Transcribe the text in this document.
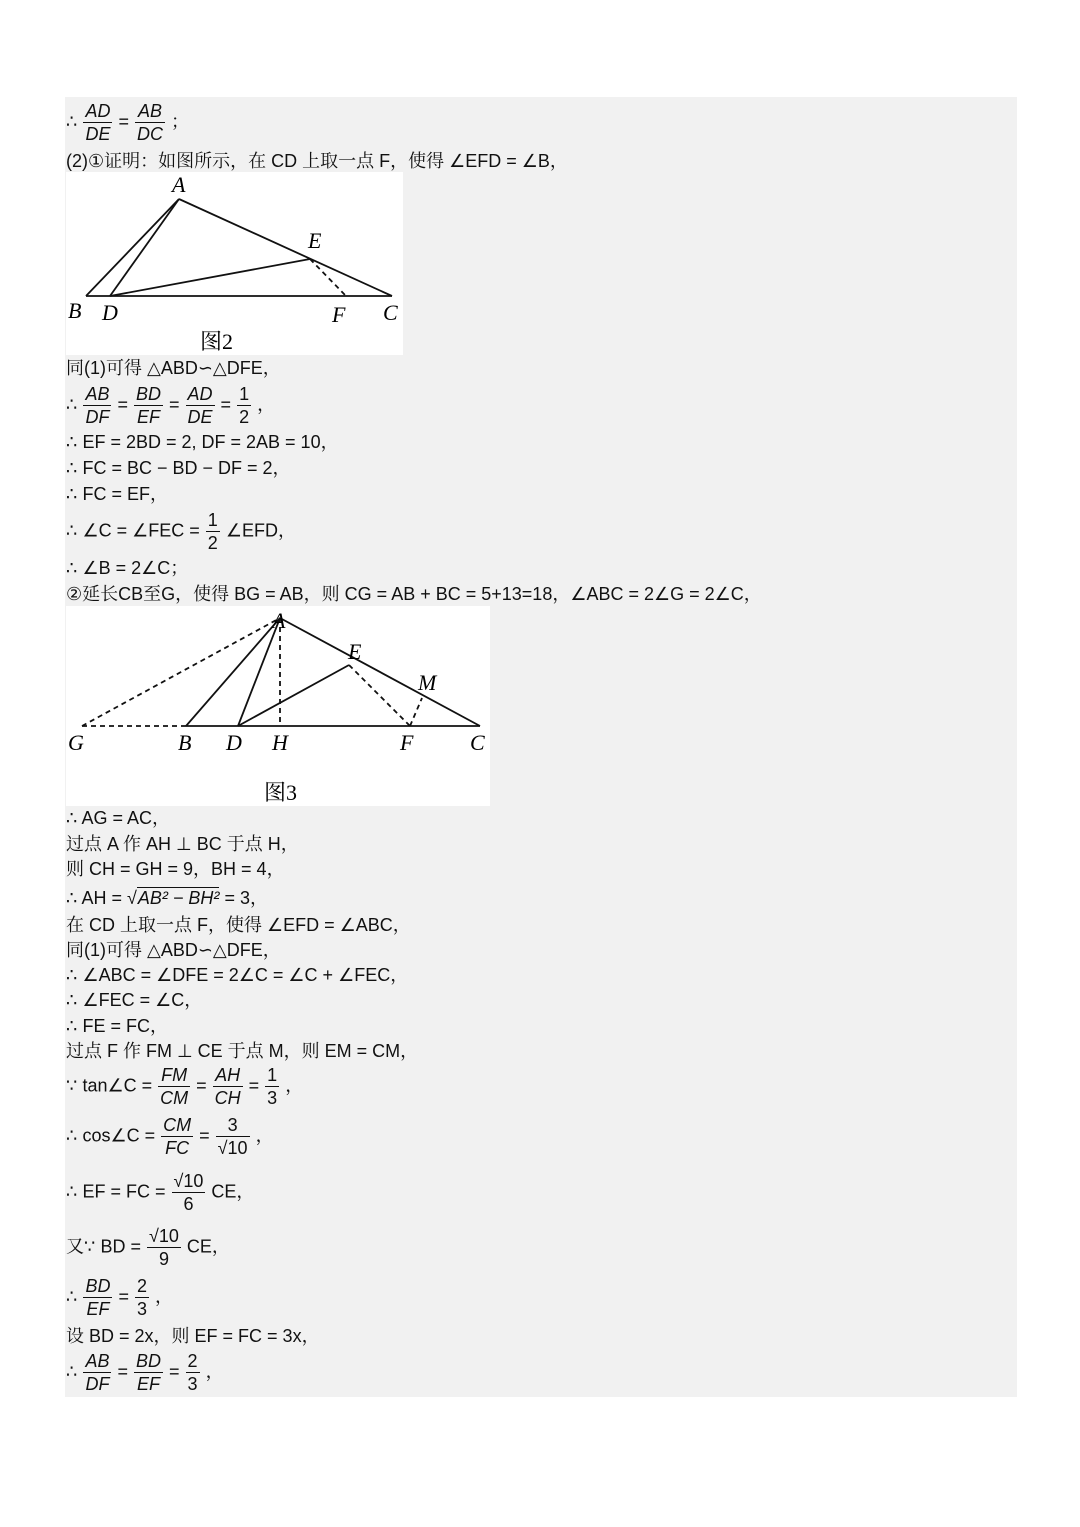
∴ $\frac{AD}{DE} = \frac{AB}{DC}$ ；
(2)①证明：如图所示，在 CD 上取一点 F，使得 ∠EFD = ∠B，
A
B D
E
F C
图2
同(1)可得 △ABD∽△DFE，
∴ $\frac{AB}{DF} = \frac{BD}{EF} = \frac{AD}{DE} = \frac{1}{2}$ ，
∴ EF = 2BD = 2, DF = 2AB = 10，
∴ FC = BC − BD − DF = 2，
∴ FC = EF，
∴ ∠C = ∠FEC = $\frac{1}{2}$ ∠EFD，
∴ ∠B = 2∠C；
②延长CB至G，使得 BG = AB，则 CG = AB + BC = 5+13=18，∠ABC = 2∠G = 2∠C，
A
G	B D H
E
M
F	C
图3
∴ AG = AC，
过点 A 作 AH ⊥ BC 于点 H，
则 CH = GH = 9，BH = 4，
∴ AH = √AB² − BH² = 3，
在 CD 上取一点 F，使得 ∠EFD = ∠ABC，
同(1)可得 △ABD∽△DFE，
∴ ∠ABC = ∠DFE = 2∠C = ∠C + ∠FEC，
∴ ∠FEC = ∠C，
∴ FE = FC，
过点 F 作 FM ⊥ CE 于点 M，则 EM = CM，
∵ tan∠C = $\frac{FM}{CM} = \frac{AH}{CH} = \frac{1}{3}$ ，
∴ cos∠C = $\frac{CM}{FC} = \frac{3}{√10}$ ，
∴ EF = FC = $\frac{√10}{6}$ CE，
又∵ BD = $\frac{√10}{9}$ CE，
∴ $\frac{BD}{EF} = \frac{2}{3}$ ，
设 BD = 2x，则 EF = FC = 3x，
∴ $\frac{AB}{DF} = \frac{BD}{EF} = \frac{2}{3}$ ，
